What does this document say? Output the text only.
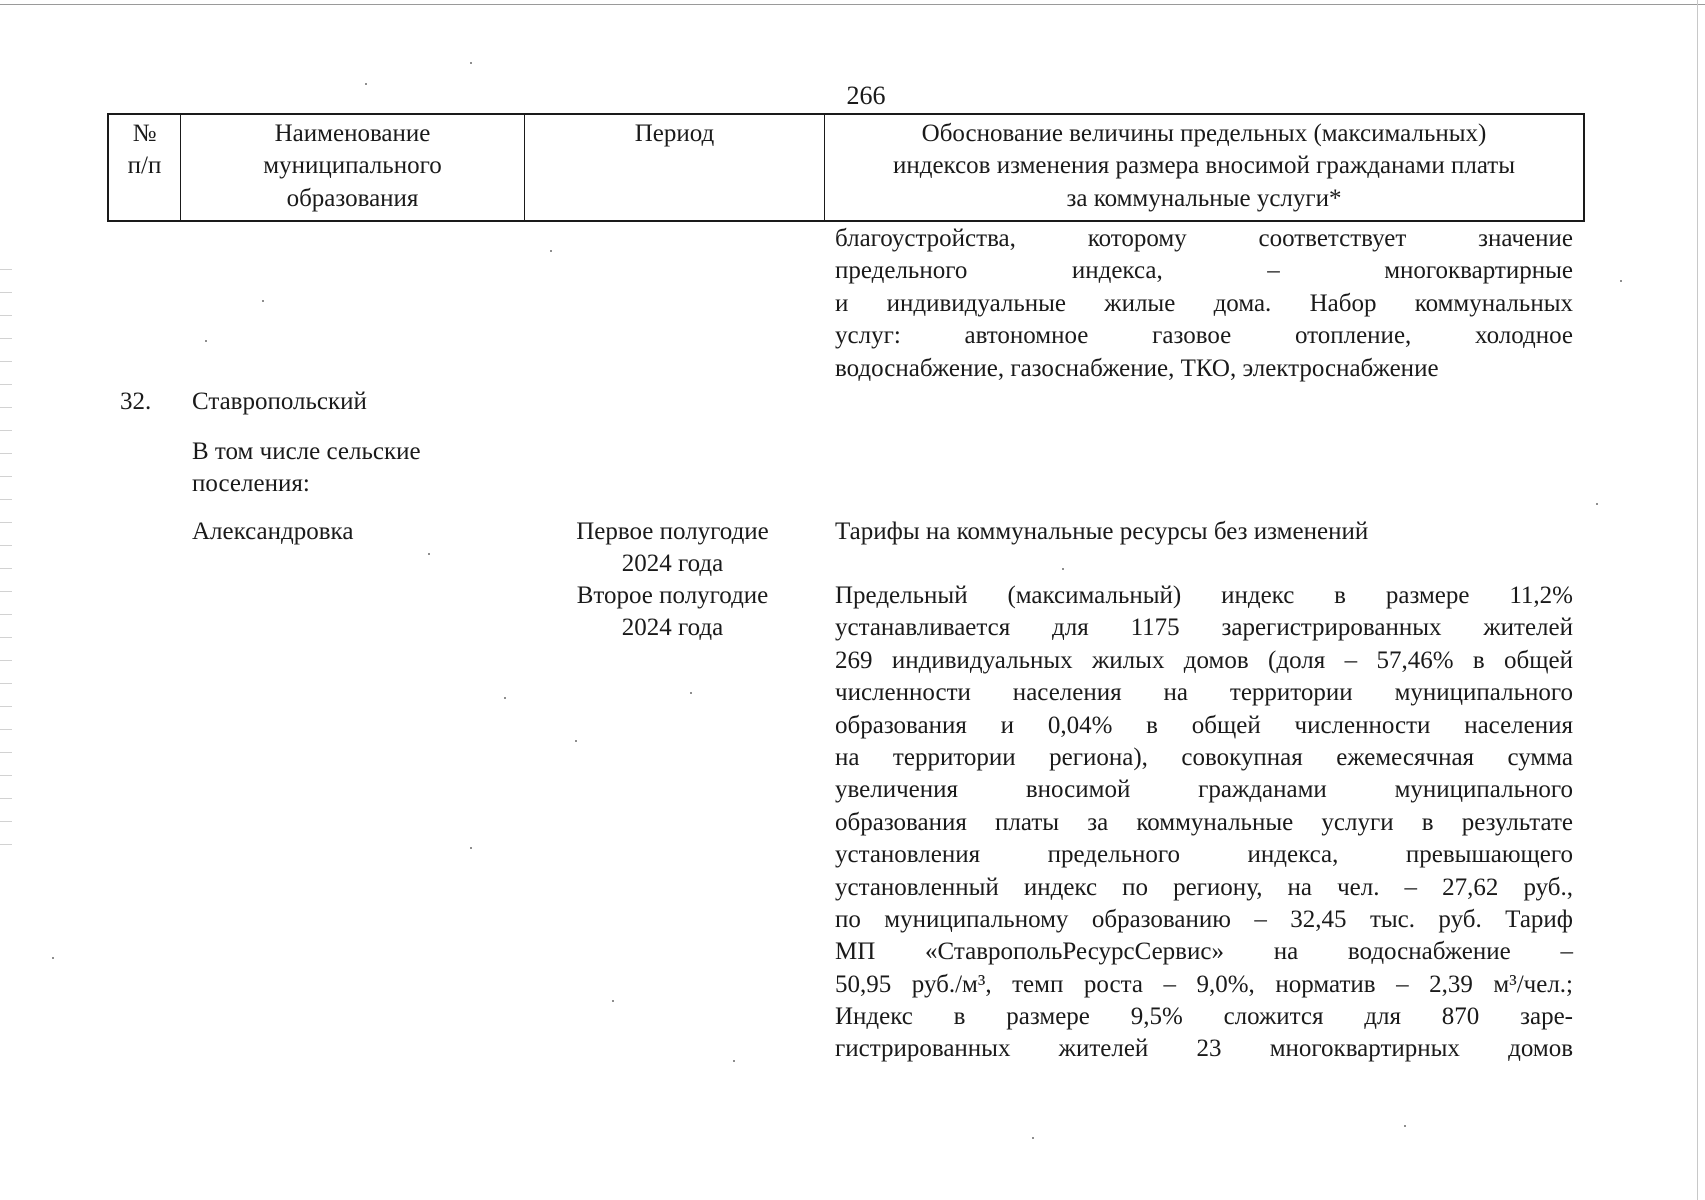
266
№
п/п
Наименование
муниципального
образования
Период	Обоснование величины предельных (максимальных)
индексов изменения размера вносимой гражданами платы
за коммунальные услуги*
благоустройства, которому соответствует значение
предельного индекса, – многоквартирные
и индивидуальные жилые дома. Набор коммунальных
услуг: автономное газовое отопление, холодное
водоснабжение, газоснабжение, ТКО, электроснабжение
32. Ставропольский
В том числе сельские
поселения:
Александровка	Первое полугодие
2024 года
Тарифы на коммунальные ресурсы без изменений
Второе полугодие
2024 года
Предельный (максимальный) индекс в размере 11,2%
устанавливается для 1175 зарегистрированных жителей
269 индивидуальных жилых домов (доля – 57,46% в общей
численности населения на территории муниципального
образования и 0,04% в общей численности населения
на территории региона), совокупная ежемесячная сумма
увеличения вносимой гражданами муниципального
образования платы за коммунальные услуги в результате
установления предельного индекса, превышающего
установленный индекс по региону, на чел. – 27,62 руб.,
по муниципальному образованию – 32,45 тыс. руб. Тариф
МП «СтавропольРесурсСервис» на водоснабжение –
50,95 руб./м³, темп роста – 9,0%, норматив – 2,39 м³/чел.;
Индекс в размере 9,5% сложится для 870 заре-
гистрированных жителей 23 многоквартирных домов
